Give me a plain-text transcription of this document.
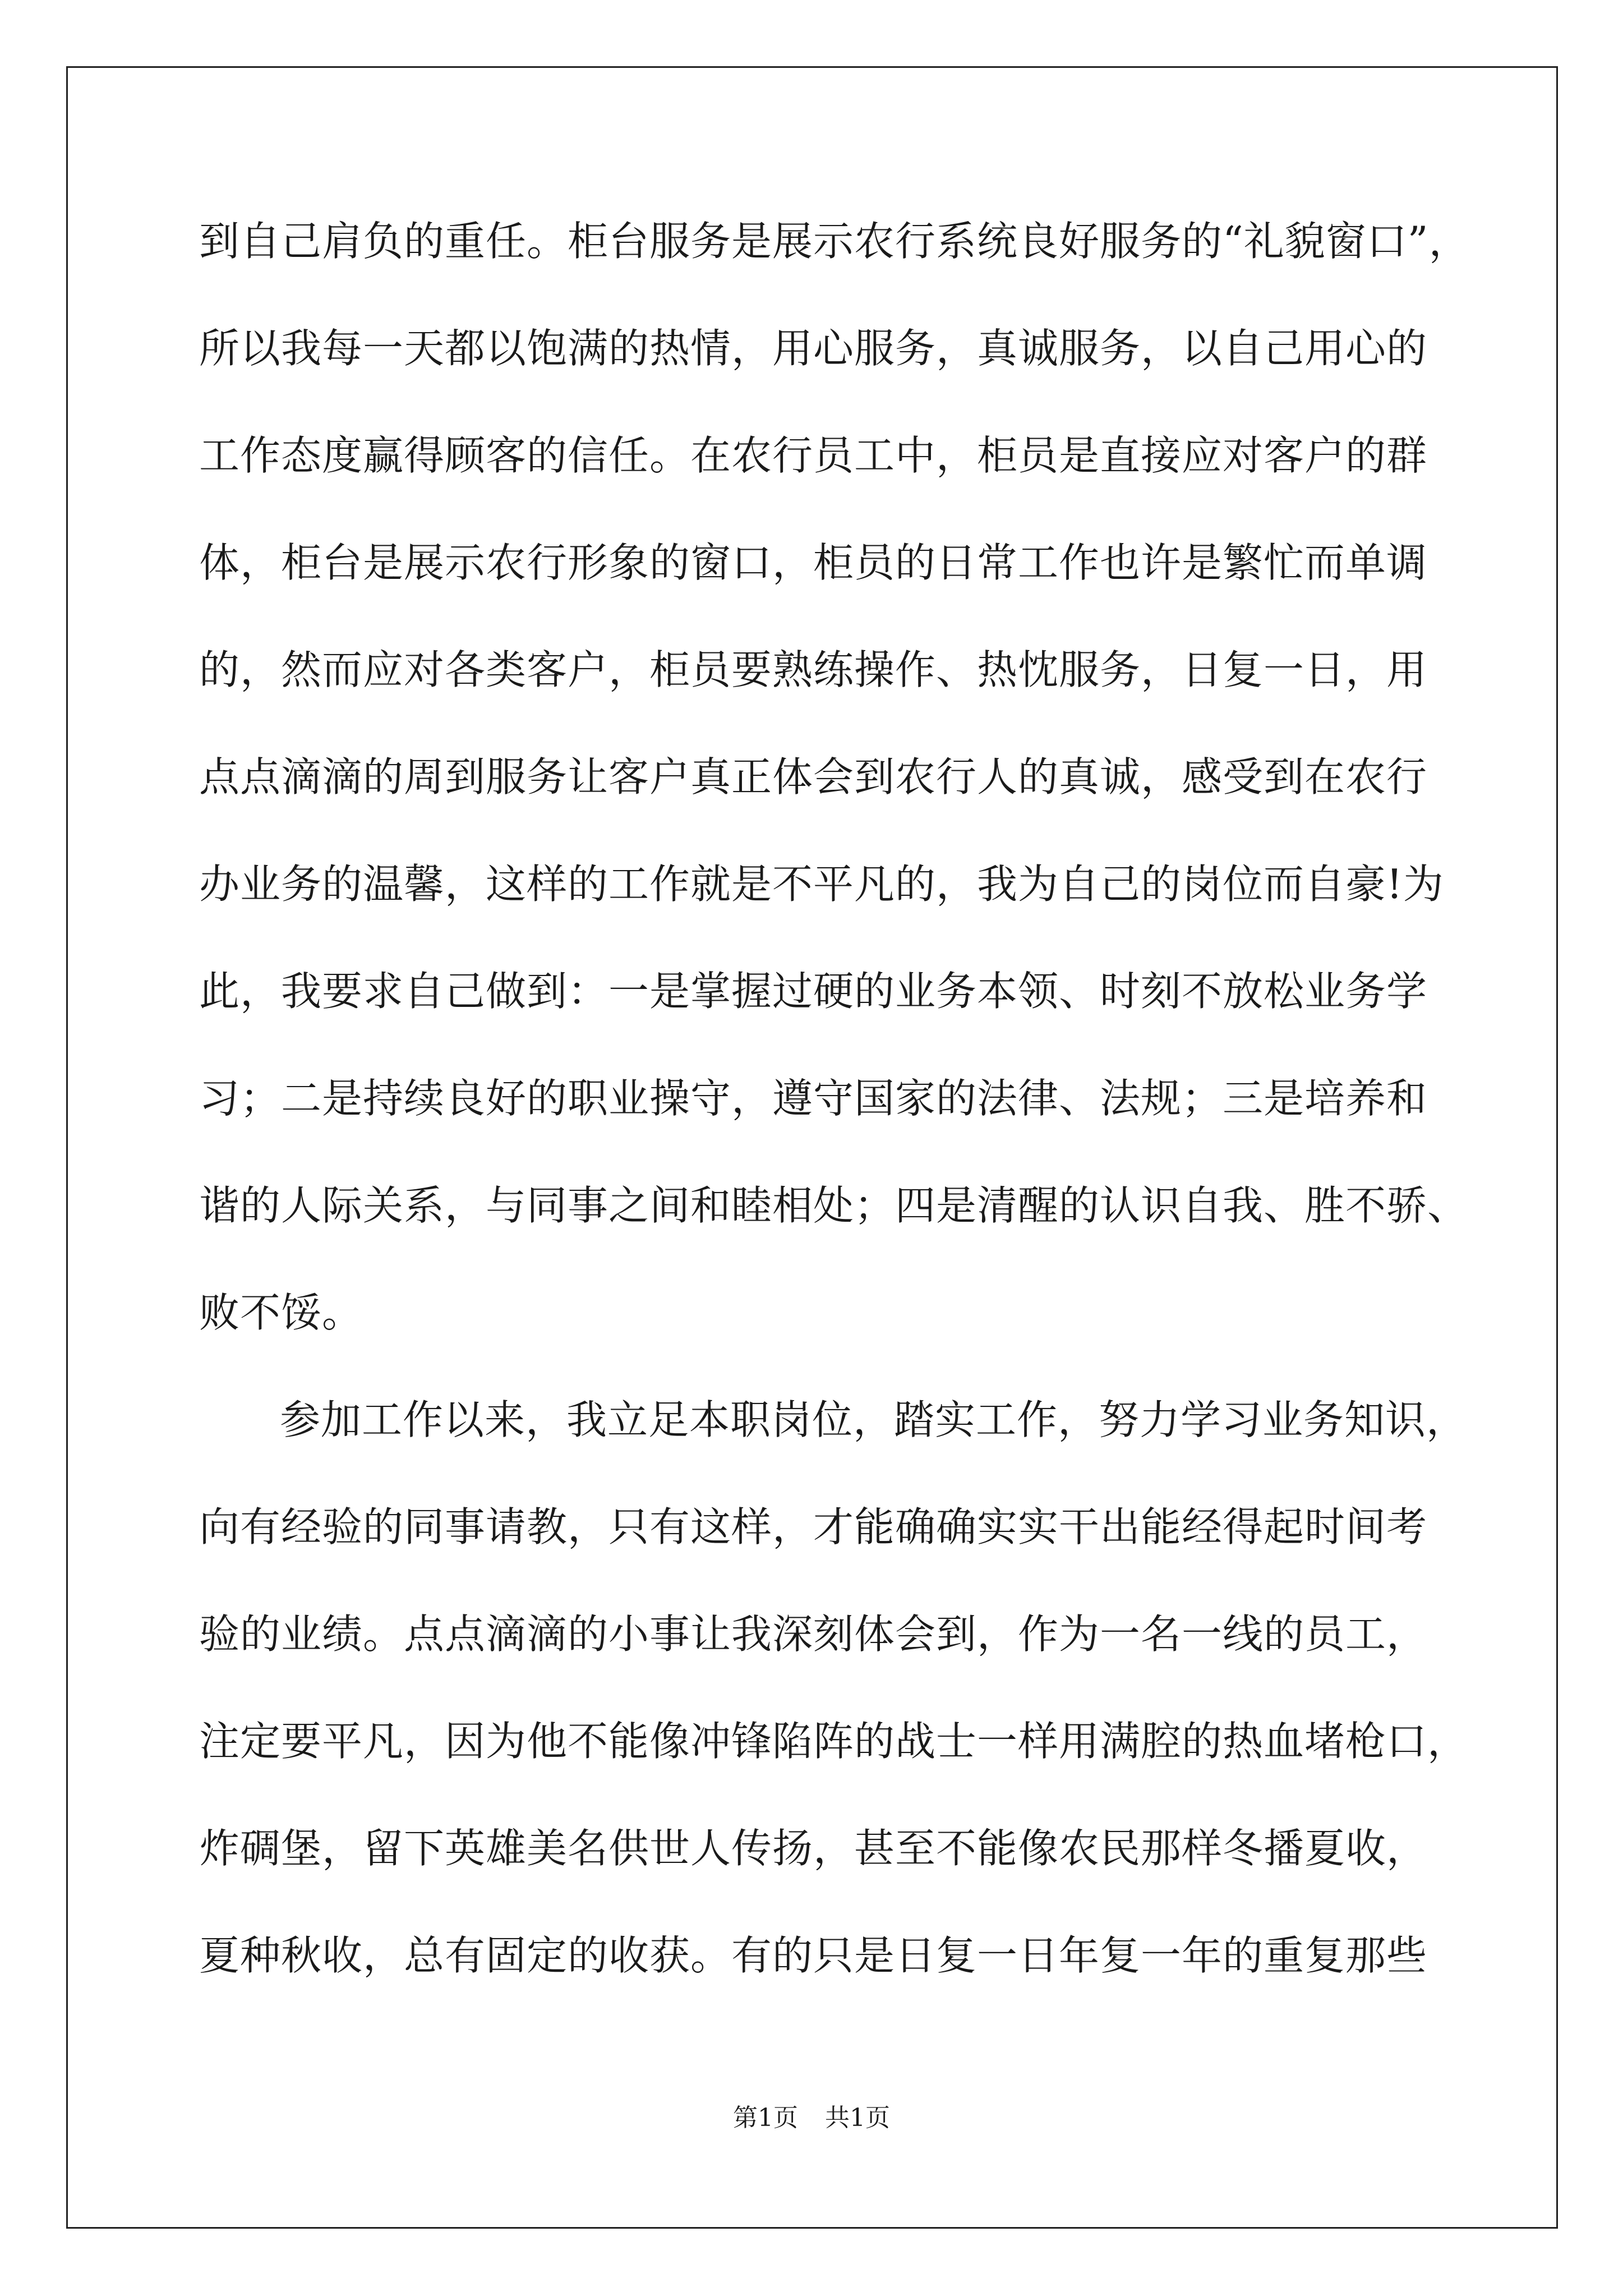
到自己肩负的重任。柜台服务是展示农行系统良好服务的“礼貌窗口”，
所以我每一天都以饱满的热情，用心服务，真诚服务，以自己用心的
工作态度赢得顾客的信任。在农行员工中，柜员是直接应对客户的群
体，柜台是展示农行形象的窗口，柜员的日常工作也许是繁忙而单调
的，然而应对各类客户，柜员要熟练操作、热忱服务，日复一日，用
点点滴滴的周到服务让客户真正体会到农行人的真诚，感受到在农行
办业务的温馨，这样的工作就是不平凡的，我为自己的岗位而自豪!为
此，我要求自己做到：一是掌握过硬的业务本领、时刻不放松业务学
习；二是持续良好的职业操守，遵守国家的法律、法规；三是培养和
谐的人际关系，与同事之间和睦相处；四是清醒的认识自我、胜不骄、
败不馁。
参加工作以来，我立足本职岗位，踏实工作，努力学习业务知识，
向有经验的同事请教，只有这样，才能确确实实干出能经得起时间考
验的业绩。点点滴滴的小事让我深刻体会到，作为一名一线的员工，
注定要平凡，因为他不能像冲锋陷阵的战士一样用满腔的热血堵枪口，
炸碉堡，留下英雄美名供世人传扬，甚至不能像农民那样冬播夏收，
夏种秋收，总有固定的收获。有的只是日复一日年复一年的重复那些
第1页 共1页
